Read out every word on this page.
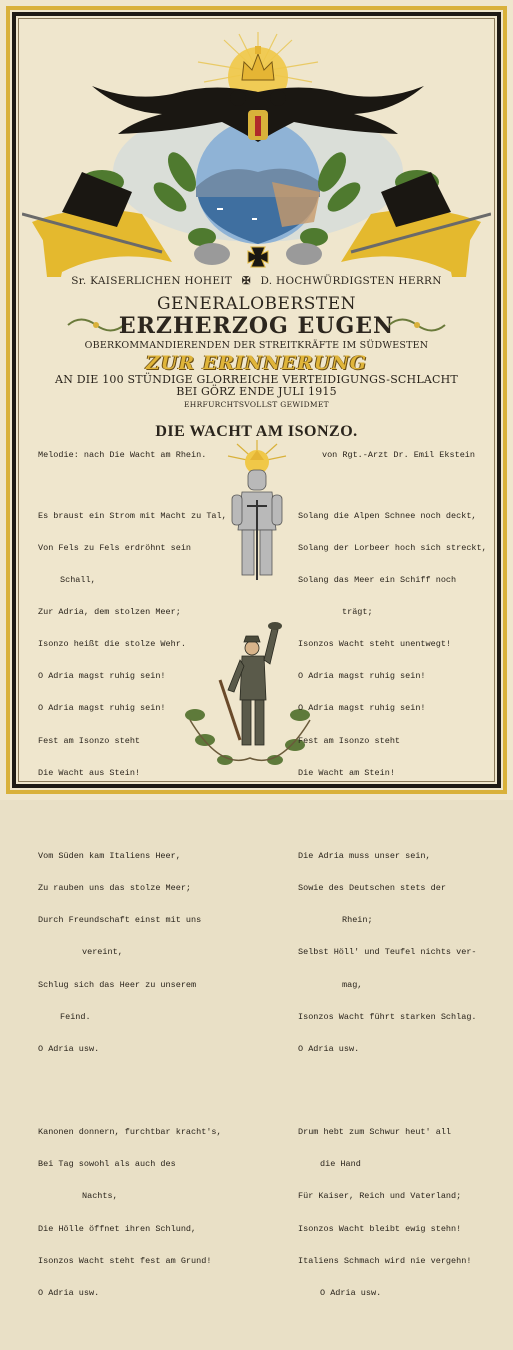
Sr. KAISERLICHEN HOHEIT ✠ D. HOCHWÜRDIGSTEN HERRN
GENERALOBERSTEN
ERZHERZOG EUGEN
OBERKOMMANDIERENDEN DER STREITKRÄFTE IM SÜDWESTEN
ZUR ERINNERUNG
AN DIE 100 STÜNDIGE GLORREICHE VERTEIDIGUNGS-SCHLACHT
BEI GÖRZ ENDE JULI 1915
EHRFURCHTSVOLLST GEWIDMET
DIE WACHT AM ISONZO.
Melodie: nach Die Wacht am Rhein.	von Rgt.-Arzt Dr. Emil Ekstein

Es braust ein Strom mit Macht zu Tal,

Von Fels zu Fels erdröhnt sein

Schall,

Zur Adria, dem stolzen Meer;

Isonzo heißt die stolze Wehr.

O Adria magst ruhig sein!

O Adria magst ruhig sein!

Fest am Isonzo steht

Die Wacht aus Stein!

Vom Süden kam Italiens Heer,

Zu rauben uns das stolze Meer;

Durch Freundschaft einst mit uns

vereint,

Schlug sich das Heer zu unserem

Feind.

O Adria usw.

Kanonen donnern, furchtbar kracht's,

Bei Tag sowohl als auch des

Nachts,

Die Hölle öffnet ihren Schlund,

Isonzos Wacht steht fest am Grund!

O Adria usw.

Solang die Alpen Schnee noch deckt,

Solang der Lorbeer hoch sich streckt,

Solang das Meer ein Schiff noch

trägt;

Isonzos Wacht steht unentwegt!

O Adria magst ruhig sein!

O Adria magst ruhig sein!

Fest am Isonzo steht

Die Wacht am Stein!

Die Adria muss unser sein,

Sowie des Deutschen stets der

Rhein;

Selbst Höll' und Teufel nichts ver-

mag,

Isonzos Wacht führt starken Schlag.

O Adria usw.

Drum hebt zum Schwur heut' all

die Hand

Für Kaiser, Reich und Vaterland;

Isonzos Wacht bleibt ewig stehn!

Italiens Schmach wird nie vergehn!

O Adria usw.
